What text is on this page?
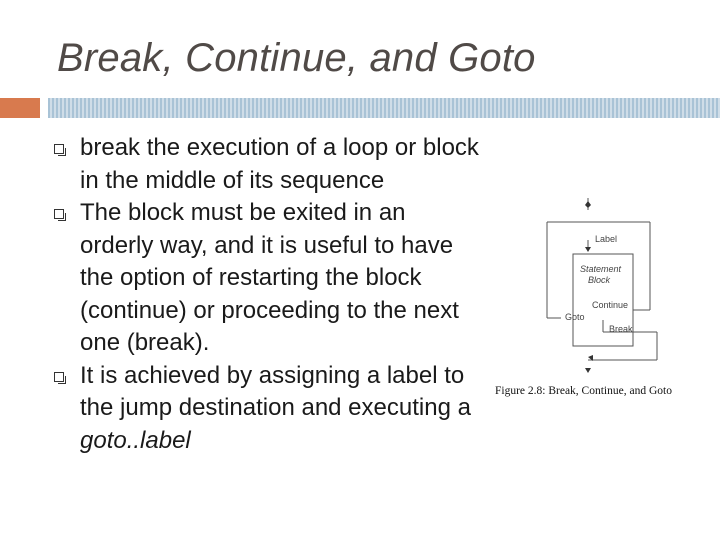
Break, Continue, and Goto
break the execution of a loop or block in the middle of its sequence
The block must be exited in an orderly way, and it is useful to have the option of restarting the block (continue) or proceeding to the next one (break).
It is achieved by assigning a label to the jump destination and executing a goto..label
Label
Statement
Block
Continue
Goto
Break
Figure 2.8: Break, Continue, and Goto
